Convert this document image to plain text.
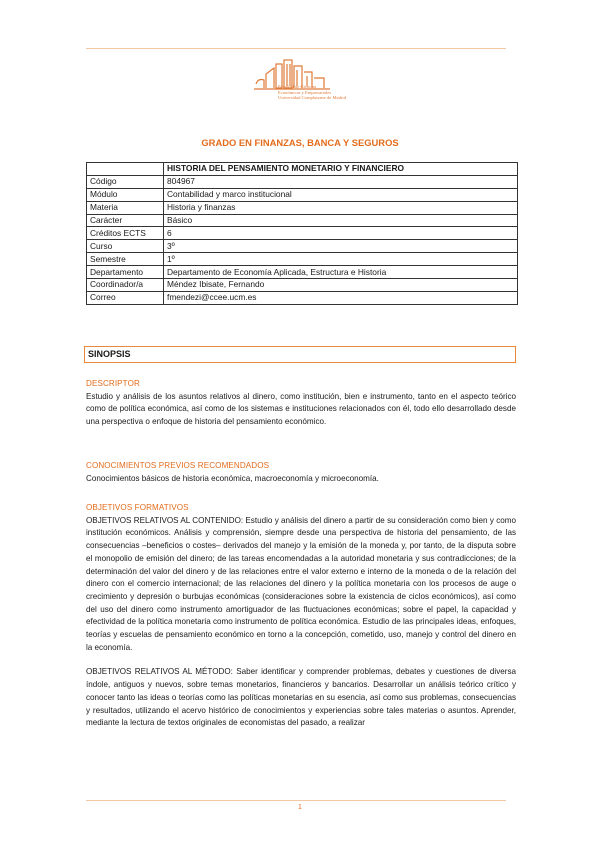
Facultad de Ciencias
Económicas y Empresariales
Universidad Complutense de Madrid
GRADO EN FINANZAS, BANCA Y SEGUROS
	HISTORIA DEL PENSAMIENTO MONETARIO Y FINANCIERO
Código	804967
Módulo	Contabilidad y marco institucional
Materia	Historia y finanzas
Carácter	Básico
Créditos ECTS	6
Curso	3º
Semestre	1º
Departamento	Departamento de Economía Aplicada, Estructura e Historia
Coordinador/a	Méndez Ibisate, Fernando
Correo	fmendezi@ccee.ucm.es
SINOPSIS
DESCRIPTOR

Estudio y análisis de los asuntos relativos al dinero, como institución, bien e instrumento, tanto en el aspecto teórico como de política económica, así como de los sistemas e instituciones relacionados con él, todo ello desarrollado desde una perspectiva o enfoque de historia del pensamiento económico.

CONOCIMIENTOS PREVIOS RECOMENDADOS

Conocimientos básicos de historia económica, macroeconomía y microeconomía.

OBJETIVOS FORMATIVOS

OBJETIVOS RELATIVOS AL CONTENIDO: Estudio y análisis del dinero a partir de su consideración como bien y como institución económicos. Análisis y comprensión, siempre desde una perspectiva de historia del pensamiento, de las consecuencias –beneficios o costes– derivados del manejo y la emisión de la moneda y, por tanto, de la disputa sobre el monopolio de emisión del dinero; de las tareas encomendadas a la autoridad monetaria y sus contradicciones; de la determinación del valor del dinero y de las relaciones entre el valor externo e interno de la moneda o de la relación del dinero con el comercio internacional; de las relaciones del dinero y la política monetaria con los procesos de auge o crecimiento y depresión o burbujas económicas (consideraciones sobre la existencia de ciclos económicos), así como del uso del dinero como instrumento amortiguador de las fluctuaciones económicas; sobre el papel, la capacidad y efectividad de la política monetaria como instrumento de política económica. Estudio de las principales ideas, enfoques, teorías y escuelas de pensamiento económico en torno a la concepción, cometido, uso, manejo y control del dinero en la economía.

OBJETIVOS RELATIVOS AL MÉTODO: Saber identificar y comprender problemas, debates y cuestiones de diversa índole, antiguos y nuevos, sobre temas monetarios, financieros y bancarios. Desarrollar un análisis teórico crítico y conocer tanto las ideas o teorías como las políticas monetarias en su esencia, así como sus problemas, consecuencias y resultados, utilizando el acervo histórico de conocimientos y experiencias sobre tales materias o asuntos. Aprender, mediante la lectura de textos originales de economistas del pasado, a realizar

1
